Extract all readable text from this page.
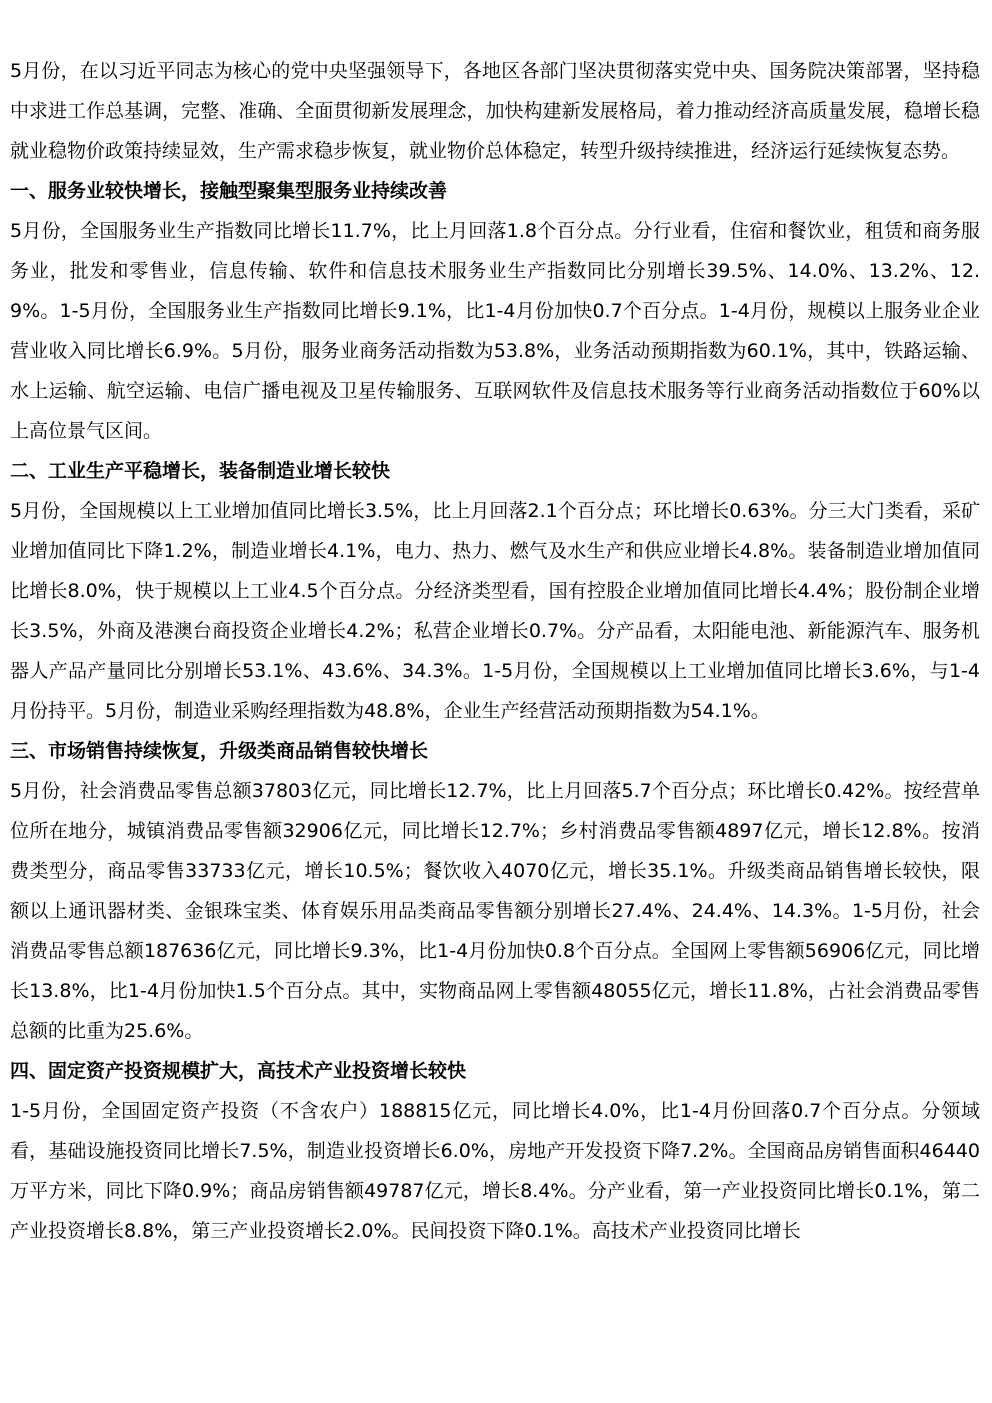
5月份，在以习近平同志为核心的党中央坚强领导下，各地区各部门坚决贯彻落实党中央、国务院决策部署，坚持稳中求进工作总基调，完整、准确、全面贯彻新发展理念，加快构建新发展格局，着力推动经济高质量发展，稳增长稳就业稳物价政策持续显效，生产需求稳步恢复，就业物价总体稳定，转型升级持续推进，经济运行延续恢复态势。

一、服务业较快增长，接触型聚集型服务业持续改善

5月份，全国服务业生产指数同比增长11.7%，比上月回落1.8个百分点。分行业看，住宿和餐饮业，租赁和商务服务业，批发和零售业，信息传输、软件和信息技术服务业生产指数同比分别增长39.5%、14.0%、13.2%、12.9%。1-5月份，全国服务业生产指数同比增长9.1%，比1-4月份加快0.7个百分点。1-4月份，规模以上服务业企业营业收入同比增长6.9%。5月份，服务业商务活动指数为53.8%，业务活动预期指数为60.1%，其中，铁路运输、水上运输、航空运输、电信广播电视及卫星传输服务、互联网软件及信息技术服务等行业商务活动指数位于60%以上高位景气区间。

二、工业生产平稳增长，装备制造业增长较快

5月份，全国规模以上工业增加值同比增长3.5%，比上月回落2.1个百分点；环比增长0.63%。分三大门类看，采矿业增加值同比下降1.2%，制造业增长4.1%，电力、热力、燃气及水生产和供应业增长4.8%。装备制造业增加值同比增长8.0%，快于规模以上工业4.5个百分点。分经济类型看，国有控股企业增加值同比增长4.4%；股份制企业增长3.5%，外商及港澳台商投资企业增长4.2%；私营企业增长0.7%。分产品看，太阳能电池、新能源汽车、服务机器人产品产量同比分别增长53.1%、43.6%、34.3%。1-5月份，全国规模以上工业增加值同比增长3.6%，与1-4月份持平。5月份，制造业采购经理指数为48.8%，企业生产经营活动预期指数为54.1%。

三、市场销售持续恢复，升级类商品销售较快增长

5月份，社会消费品零售总额37803亿元，同比增长12.7%，比上月回落5.7个百分点；环比增长0.42%。按经营单位所在地分，城镇消费品零售额32906亿元，同比增长12.7%；乡村消费品零售额4897亿元，增长12.8%。按消费类型分，商品零售33733亿元，增长10.5%；餐饮收入4070亿元，增长35.1%。升级类商品销售增长较快，限额以上通讯器材类、金银珠宝类、体育娱乐用品类商品零售额分别增长27.4%、24.4%、14.3%。1-5月份，社会消费品零售总额187636亿元，同比增长9.3%，比1-4月份加快0.8个百分点。全国网上零售额56906亿元，同比增长13.8%，比1-4月份加快1.5个百分点。其中，实物商品网上零售额48055亿元，增长11.8%，占社会消费品零售总额的比重为25.6%。

四、固定资产投资规模扩大，高技术产业投资增长较快

1-5月份，全国固定资产投资（不含农户）188815亿元，同比增长4.0%，比1-4月份回落0.7个百分点。分领域看，基础设施投资同比增长7.5%，制造业投资增长6.0%，房地产开发投资下降7.2%。全国商品房销售面积46440万平方米，同比下降0.9%；商品房销售额49787亿元，增长8.4%。分产业看，第一产业投资同比增长0.1%，第二产业投资增长8.8%，第三产业投资增长2.0%。民间投资下降0.1%。高技术产业投资同比增长
